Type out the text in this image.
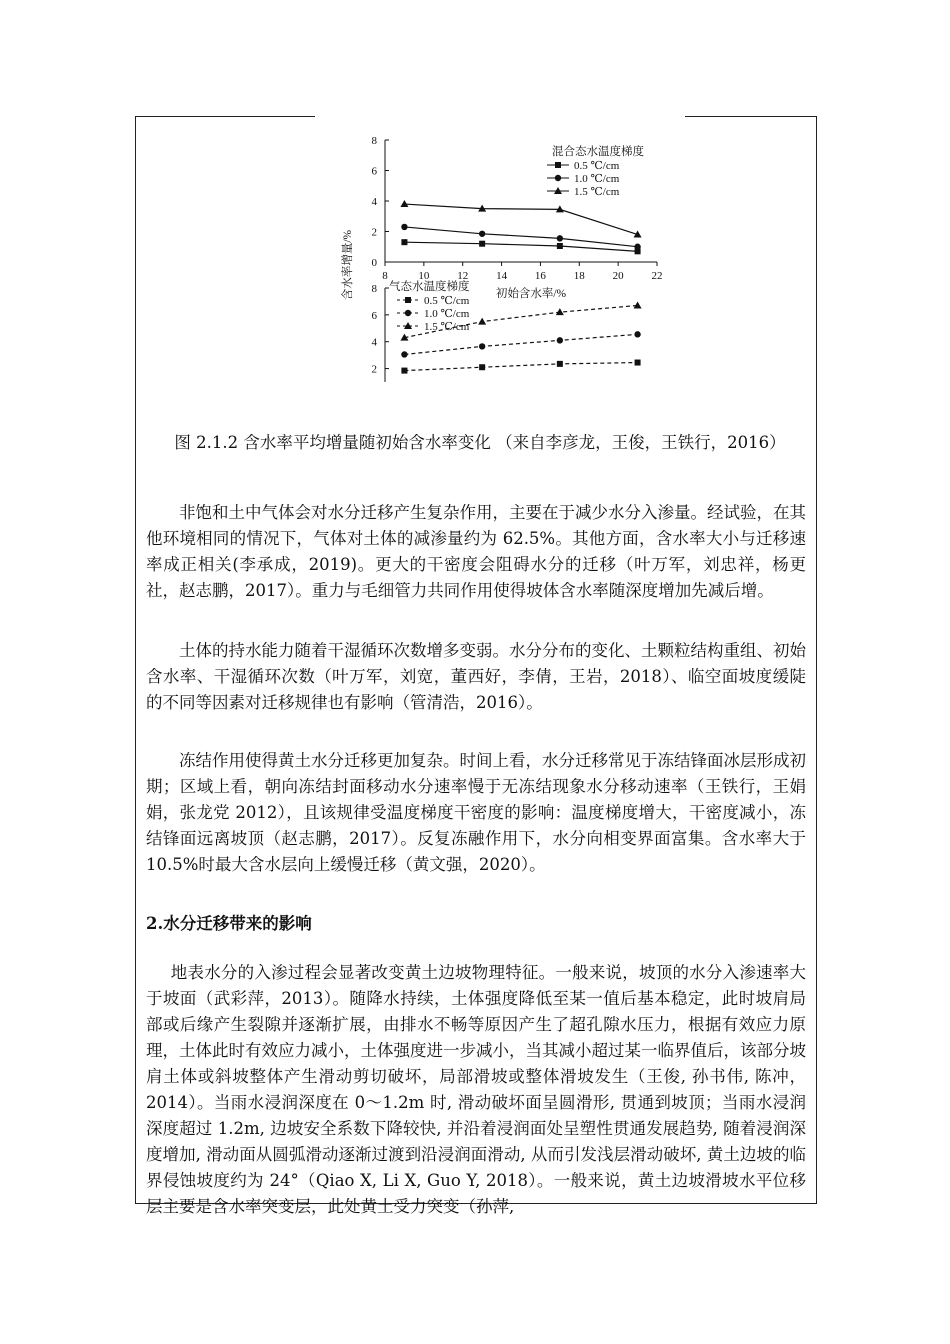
0
2
4
6
8
8	10	12	14	16	18	20	22
初始含水率/%
含水率增量/%
混合态水温度梯度
0.5 ℃/cm
1.0 ℃/cm
1.5 ℃/cm
2
4
6
8 气态水温度梯度
0.5 ℃/cm
1.0 ℃/cm
1.5 ℃/cm
图 2.1.2 含水率平均增量随初始含水率变化 （来自李彦龙，王俊，王铁行，2016）
非饱和土中气体会对水分迁移产生复杂作用，主要在于减少水分入渗量。经试验，在其他环境相同的情况下，气体对土体的减渗量约为 62.5%。其他方面，含水率大小与迁移速率成正相关(李承成，2019)。更大的干密度会阻碍水分的迁移（叶万军，刘忠祥，杨更社，赵志鹏，2017）。重力与毛细管力共同作用使得坡体含水率随深度增加先减后增。
土体的持水能力随着干湿循环次数增多变弱。水分分布的变化、土颗粒结构重组、初始含水率、干湿循环次数（叶万军，刘宽，董西好，李倩，王岩，2018）、临空面坡度缓陡的不同等因素对迁移规律也有影响（管清浩，2016）。
冻结作用使得黄土水分迁移更加复杂。时间上看，水分迁移常见于冻结锋面冰层形成初期；区域上看，朝向冻结封面移动水分速率慢于无冻结现象水分移动速率（王铁行，王娟娟，张龙党 2012），且该规律受温度梯度干密度的影响：温度梯度增大，干密度减小，冻结锋面远离坡顶（赵志鹏，2017）。反复冻融作用下，水分向相变界面富集。含水率大于 10.5%时最大含水层向上缓慢迁移（黄文强，2020）。
2.水分迁移带来的影响
地表水分的入渗过程会显著改变黄土边坡物理特征。一般来说，坡顶的水分入渗速率大于坡面（武彩萍，2013）。随降水持续，土体强度降低至某一值后基本稳定，此时坡肩局部或后缘产生裂隙并逐渐扩展，由排水不畅等原因产生了超孔隙水压力，根据有效应力原理，土体此时有效应力减小，土体强度进一步减小，当其减小超过某一临界值后，该部分坡肩土体或斜坡整体产生滑动剪切破坏，局部滑坡或整体滑坡发生（王俊, 孙书伟, 陈冲，2014）。当雨水浸润深度在 0～1.2m 时, 滑动破坏面呈圆滑形, 贯通到坡顶；当雨水浸润深度超过 1.2m, 边坡安全系数下降较快, 并沿着浸润面处呈塑性贯通发展趋势, 随着浸润深度增加, 滑动面从圆弧滑动逐渐过渡到沿浸润面滑动, 从而引发浅层滑动破坏, 黄土边坡的临界侵蚀坡度约为 24°（Qiao X, Li X, Guo Y, 2018）。一般来说，黄土边坡滑坡水平位移层主要是含水率突变层，此处黄土受力突变（孙萍,
